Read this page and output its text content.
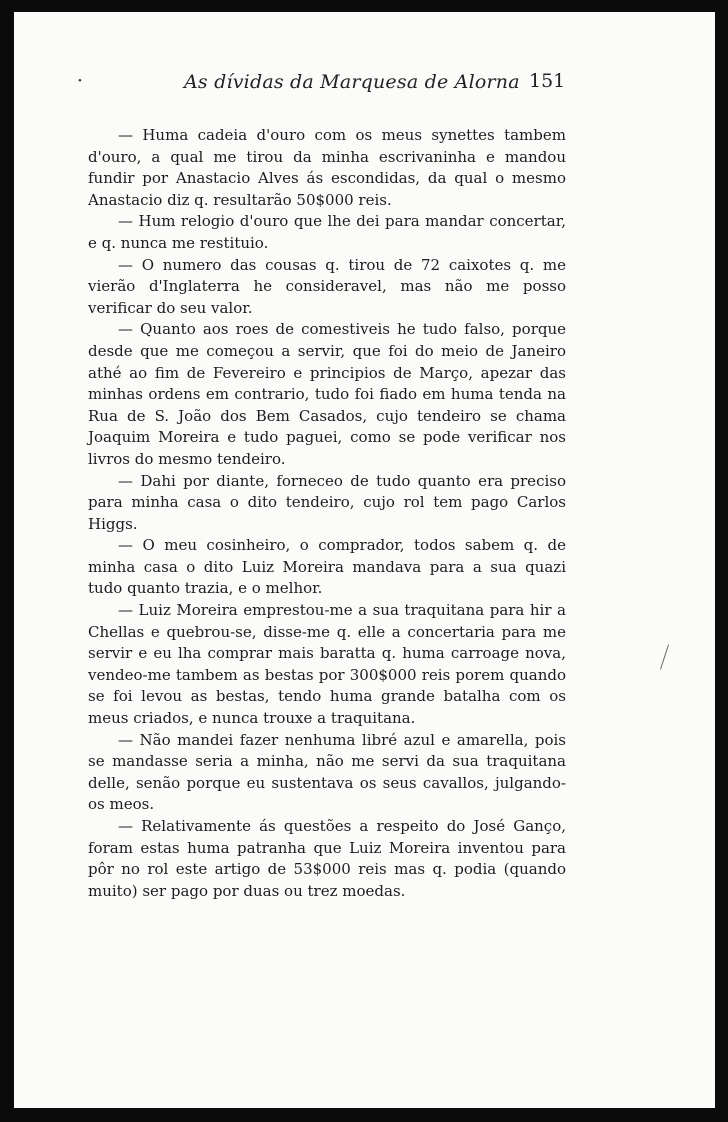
•	As dívidas da Marquesa de Alorna 151

— Huma cadeia d'ouro com os meus synettes tambem d'ouro, a qual me tirou da minha escrivaninha e mandou fundir por Anastacio Alves ás escondidas, da qual o mesmo Anastacio diz q. resultarão 50$000 reis.

— Hum relogio d'ouro que lhe dei para mandar concertar, e q. nunca me restituio.

— O numero das cousas q. tirou de 72 caixotes q. me vierão d'Inglaterra he consideravel, mas não me posso verificar do seu valor.

— Quanto aos roes de comestiveis he tudo falso, porque desde que me começou a servir, que foi do meio de Janeiro athé ao fim de Fevereiro e principios de Março, apezar das minhas ordens em contrario, tudo foi fiado em huma tenda na Rua de S. João dos Bem Casados, cujo tendeiro se chama Joaquim Moreira e tudo paguei, como se pode verificar nos livros do mesmo tendeiro.

— Dahi por diante, forneceo de tudo quanto era preciso para minha casa o dito tendeiro, cujo rol tem pago Carlos Higgs.

— O meu cosinheiro, o comprador, todos sabem q. de minha casa o dito Luiz Moreira mandava para a sua quazi tudo quanto trazia, e o melhor.

— Luiz Moreira emprestou-me a sua traquitana para hir a Chellas e quebrou-se, disse-me q. elle a concertaria para me servir e eu lha comprar mais baratta q. huma carroage nova, vendeo-me tambem as bestas por 300$000 reis porem quando se foi levou as bestas, tendo huma grande batalha com os meus criados, e nunca trouxe a traquitana.

— Não mandei fazer nenhuma libré azul e amarella, pois se mandasse seria a minha, não me servi da sua traquitana delle, senão porque eu sustentava os seus cavallos, julgando-os meos.

— Relativamente ás questões a respeito do José Ganço, foram estas huma patranha que Luiz Moreira inventou para pôr no rol este artigo de 53$000 reis mas q. podia (quando muito) ser pago por duas ou trez moedas.
